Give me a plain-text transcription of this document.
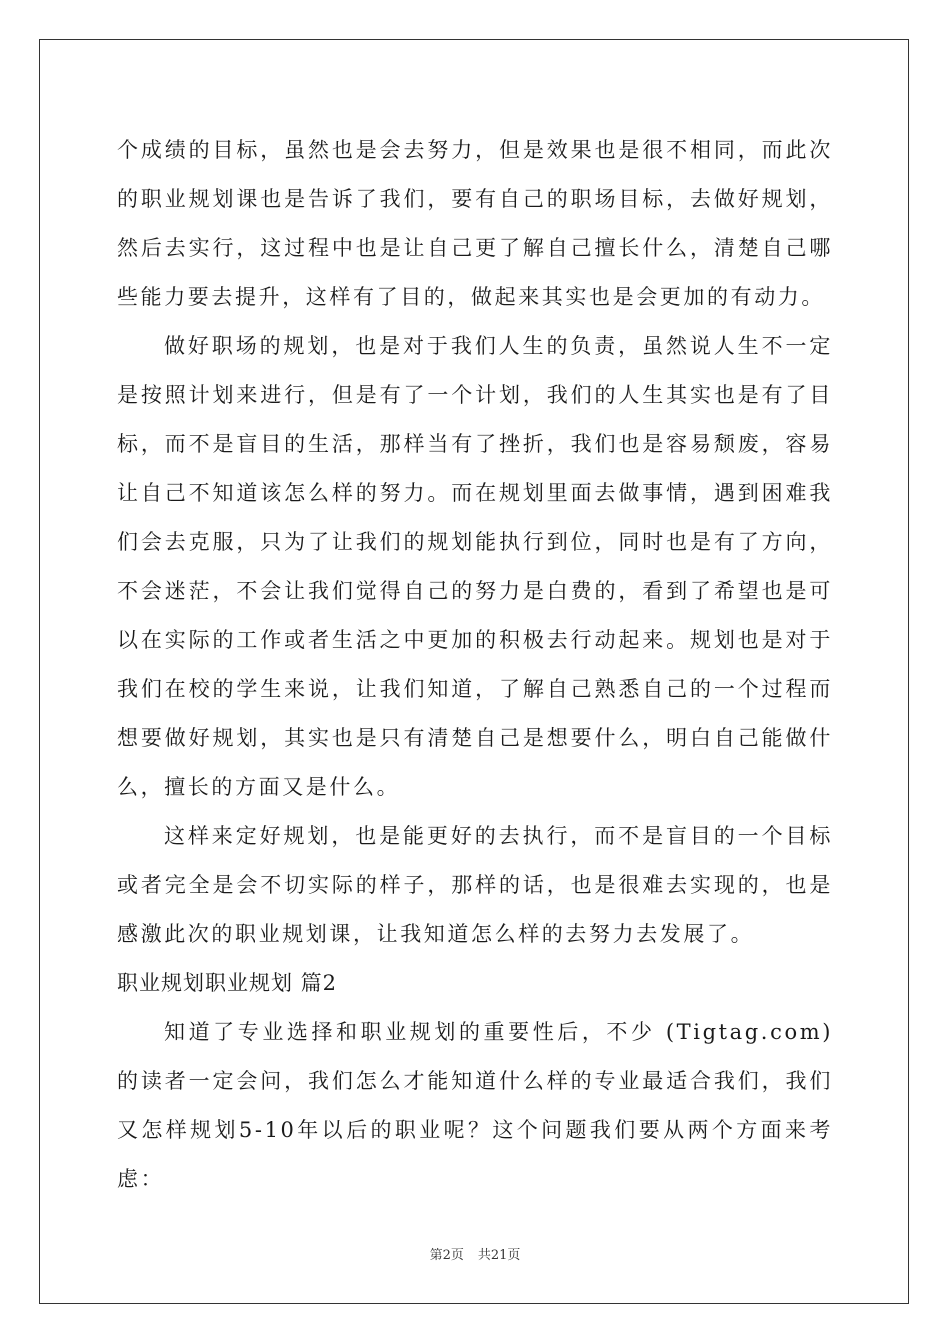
个成绩的目标，虽然也是会去努力，但是效果也是很不相同，而此次的职业规划课也是告诉了我们，要有自己的职场目标，去做好规划，然后去实行，这过程中也是让自己更了解自己擅长什么，清楚自己哪些能力要去提升，这样有了目的，做起来其实也是会更加的有动力。

做好职场的规划，也是对于我们人生的负责，虽然说人生不一定是按照计划来进行，但是有了一个计划，我们的人生其实也是有了目标，而不是盲目的生活，那样当有了挫折，我们也是容易颓废，容易让自己不知道该怎么样的努力。而在规划里面去做事情，遇到困难我们会去克服，只为了让我们的规划能执行到位，同时也是有了方向，不会迷茫，不会让我们觉得自己的努力是白费的，看到了希望也是可以在实际的工作或者生活之中更加的积极去行动起来。规划也是对于我们在校的学生来说，让我们知道，了解自己熟悉自己的一个过程而想要做好规划，其实也是只有清楚自己是想要什么，明白自己能做什么，擅长的方面又是什么。

这样来定好规划，也是能更好的去执行，而不是盲目的一个目标或者完全是会不切实际的样子，那样的话，也是很难去实现的，也是感激此次的职业规划课，让我知道怎么样的去努力去发展了。

职业规划职业规划 篇2

知道了专业选择和职业规划的重要性后，不少 (Tigtag.com) 的读者一定会问，我们怎么才能知道什么样的专业最适合我们，我们又怎样规划5-10年以后的职业呢？这个问题我们要从两个方面来考虑：

第2页 共21页
